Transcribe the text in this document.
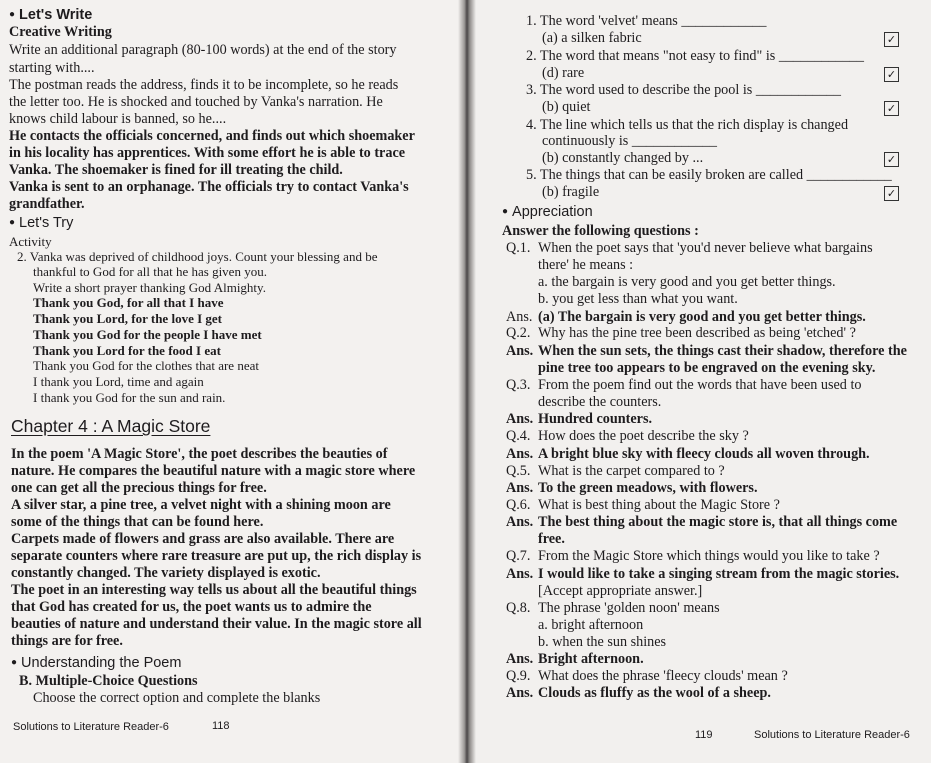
● Let's Write
Creative Writing
Write an additional paragraph (80-100 words) at the end of the story
starting with....
The postman reads the address, finds it to be incomplete, so he reads
the letter too. He is shocked and touched by Vanka's narration. He
knows child labour is banned, so he....
He contacts the officials concerned, and finds out which shoemaker
in his locality has apprentices. With some effort he is able to trace
Vanka. The shoemaker is fined for ill treating the child.
Vanka is sent to an orphanage. The officials try to contact Vanka's
grandfather.
● Let's Try
Activity
2. Vanka was deprived of childhood joys. Count your blessing and be
thankful to God for all that he has given you.
Write a short prayer thanking God Almighty.
Thank you God, for all that I have
Thank you Lord, for the love I get
Thank you God for the people I have met
Thank you Lord for the food I eat
Thank you God for the clothes that are neat
I thank you Lord, time and again
I thank you God for the sun and rain.
Chapter 4 : A Magic Store
In the poem 'A Magic Store', the poet describes the beauties of
nature. He compares the beautiful nature with a magic store where
one can get all the precious things for free.
A silver star, a pine tree, a velvet night with a shining moon are
some of the things that can be found here.
Carpets made of flowers and grass are also available. There are
separate counters where rare treasure are put up, the rich display is
constantly changed. The variety displayed is exotic.
The poet in an interesting way tells us about all the beautiful things
that God has created for us, the poet wants us to admire the
beauties of nature and understand their value. In the magic store all
things are for free.
● Understanding the Poem
B. Multiple-Choice Questions
Choose the correct option and complete the blanks
Solutions to Literature Reader-6	118
1. The word 'velvet' means ____________
(a) a silken fabric	✓
2. The word that means "not easy to find" is ____________
(d) rare	✓
3. The word used to describe the pool is ____________
(b) quiet	✓
4. The line which tells us that the rich display is changed
continuously is ____________
(b) constantly changed by ...	✓
5. The things that can be easily broken are called ____________
(b) fragile	✓
● Appreciation
Answer the following questions :
Q.1. When the poet says that 'you'd never believe what bargains
there' he means :
a. the bargain is very good and you get better things.
b. you get less than what you want.
Ans. (a) The bargain is very good and you get better things.
Q.2. Why has the pine tree been described as being 'etched' ?
Ans. When the sun sets, the things cast their shadow, therefore the
pine tree too appears to be engraved on the evening sky.
Q.3. From the poem find out the words that have been used to
describe the counters.
Ans. Hundred counters.
Q.4. How does the poet describe the sky ?
Ans. A bright blue sky with fleecy clouds all woven through.
Q.5. What is the carpet compared to ?
Ans. To the green meadows, with flowers.
Q.6. What is best thing about the Magic Store ?
Ans. The best thing about the magic store is, that all things come
free.
Q.7. From the Magic Store which things would you like to take ?
Ans. I would like to take a singing stream from the magic stories.
[Accept appropriate answer.]
Q.8. The phrase 'golden noon' means
a. bright afternoon
b. when the sun shines
Ans. Bright afternoon.
Q.9. What does the phrase 'fleecy clouds' mean ?
Ans. Clouds as fluffy as the wool of a sheep.
119	Solutions to Literature Reader-6
